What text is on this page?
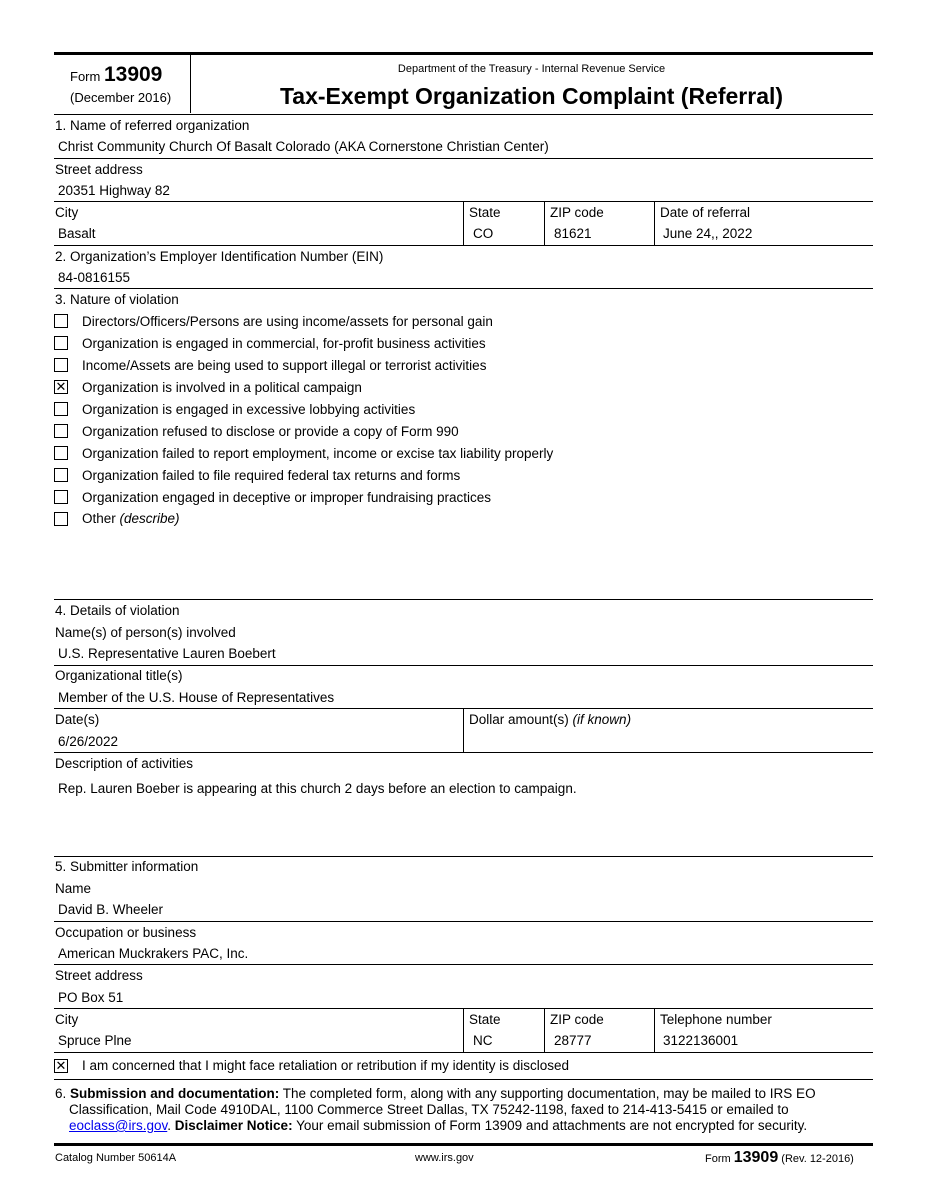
Form 13909
(December 2016)
Department of the Treasury - Internal Revenue Service
Tax-Exempt Organization Complaint (Referral)
1. Name of referred organization
Christ Community Church Of Basalt Colorado (AKA Cornerstone Christian Center)
Street address
20351 Highway 82
City
Basalt
State
CO
ZIP code
81621
Date of referral
June 24,, 2022
2. Organization’s Employer Identification Number (EIN)
84-0816155
3. Nature of violation
Directors/Officers/Persons are using income/assets for personal gain
Organization is engaged in commercial, for-profit business activities
Income/Assets are being used to support illegal or terrorist activities
✕ Organization is involved in a political campaign
Organization is engaged in excessive lobbying activities
Organization refused to disclose or provide a copy of Form 990
Organization failed to report employment, income or excise tax liability properly
Organization failed to file required federal tax returns and forms
Organization engaged in deceptive or improper fundraising practices
Other (describe)
4. Details of violation
Name(s) of person(s) involved
U.S. Representative Lauren Boebert
Organizational title(s)
Member of the U.S. House of Representatives
Date(s)
6/26/2022
Dollar amount(s) (if known)
Description of activities
Rep. Lauren Boeber is appearing at this church 2 days before an election to campaign.
5. Submitter information
Name
David B. Wheeler
Occupation or business
American Muckrakers PAC, Inc.
Street address
PO Box 51
City
Spruce Plne
State
NC
ZIP code
28777
Telephone number
3122136001
✕ I am concerned that I might face retaliation or retribution if my identity is disclosed
6. Submission and documentation: The completed form, along with any supporting documentation, may be mailed to IRS EO
Classification, Mail Code 4910DAL, 1100 Commerce Street Dallas, TX 75242-1198, faxed to 214-413-5415 or emailed to
eoclass@irs.gov. Disclaimer Notice: Your email submission of Form 13909 and attachments are not encrypted for security.
Catalog Number 50614A	www.irs.gov	Form 13909 (Rev. 12-2016)
